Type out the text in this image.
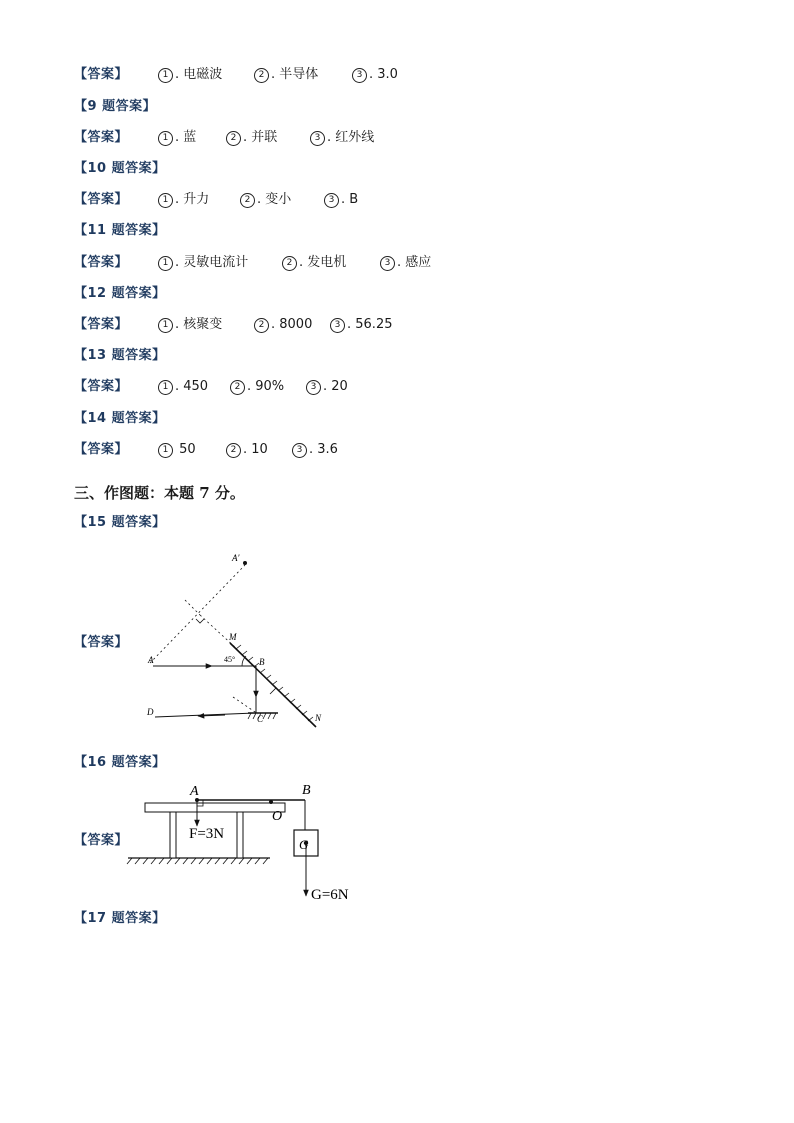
【答案】	1 . 电磁波	2 . 半导体	3 . 3.0
【9 题答案】
【答案】	1 . 蓝	2 . 并联	3 . 红外线
【10 题答案】
【答案】	1 . 升力	2 . 变小	3 . B
【11 题答案】
【答案】	1 . 灵敏电流计	2 . 发电机	3 . 感应
【12 题答案】
【答案】	1 . 核聚变	2 . 8000	3 . 56.25
【13 题答案】
【答案】	1 . 450	2 . 90%	3 . 20
【14 题答案】
【答案】	1 50	2 . 10	3 . 3.6
三、作图题：本题 7 分。
【15 题答案】
【答案】
A′
M
A	45°	B
D
C	N
【16 题答案】
【答案】
A	B
O
G
F=3N
G=6N
【17 题答案】
